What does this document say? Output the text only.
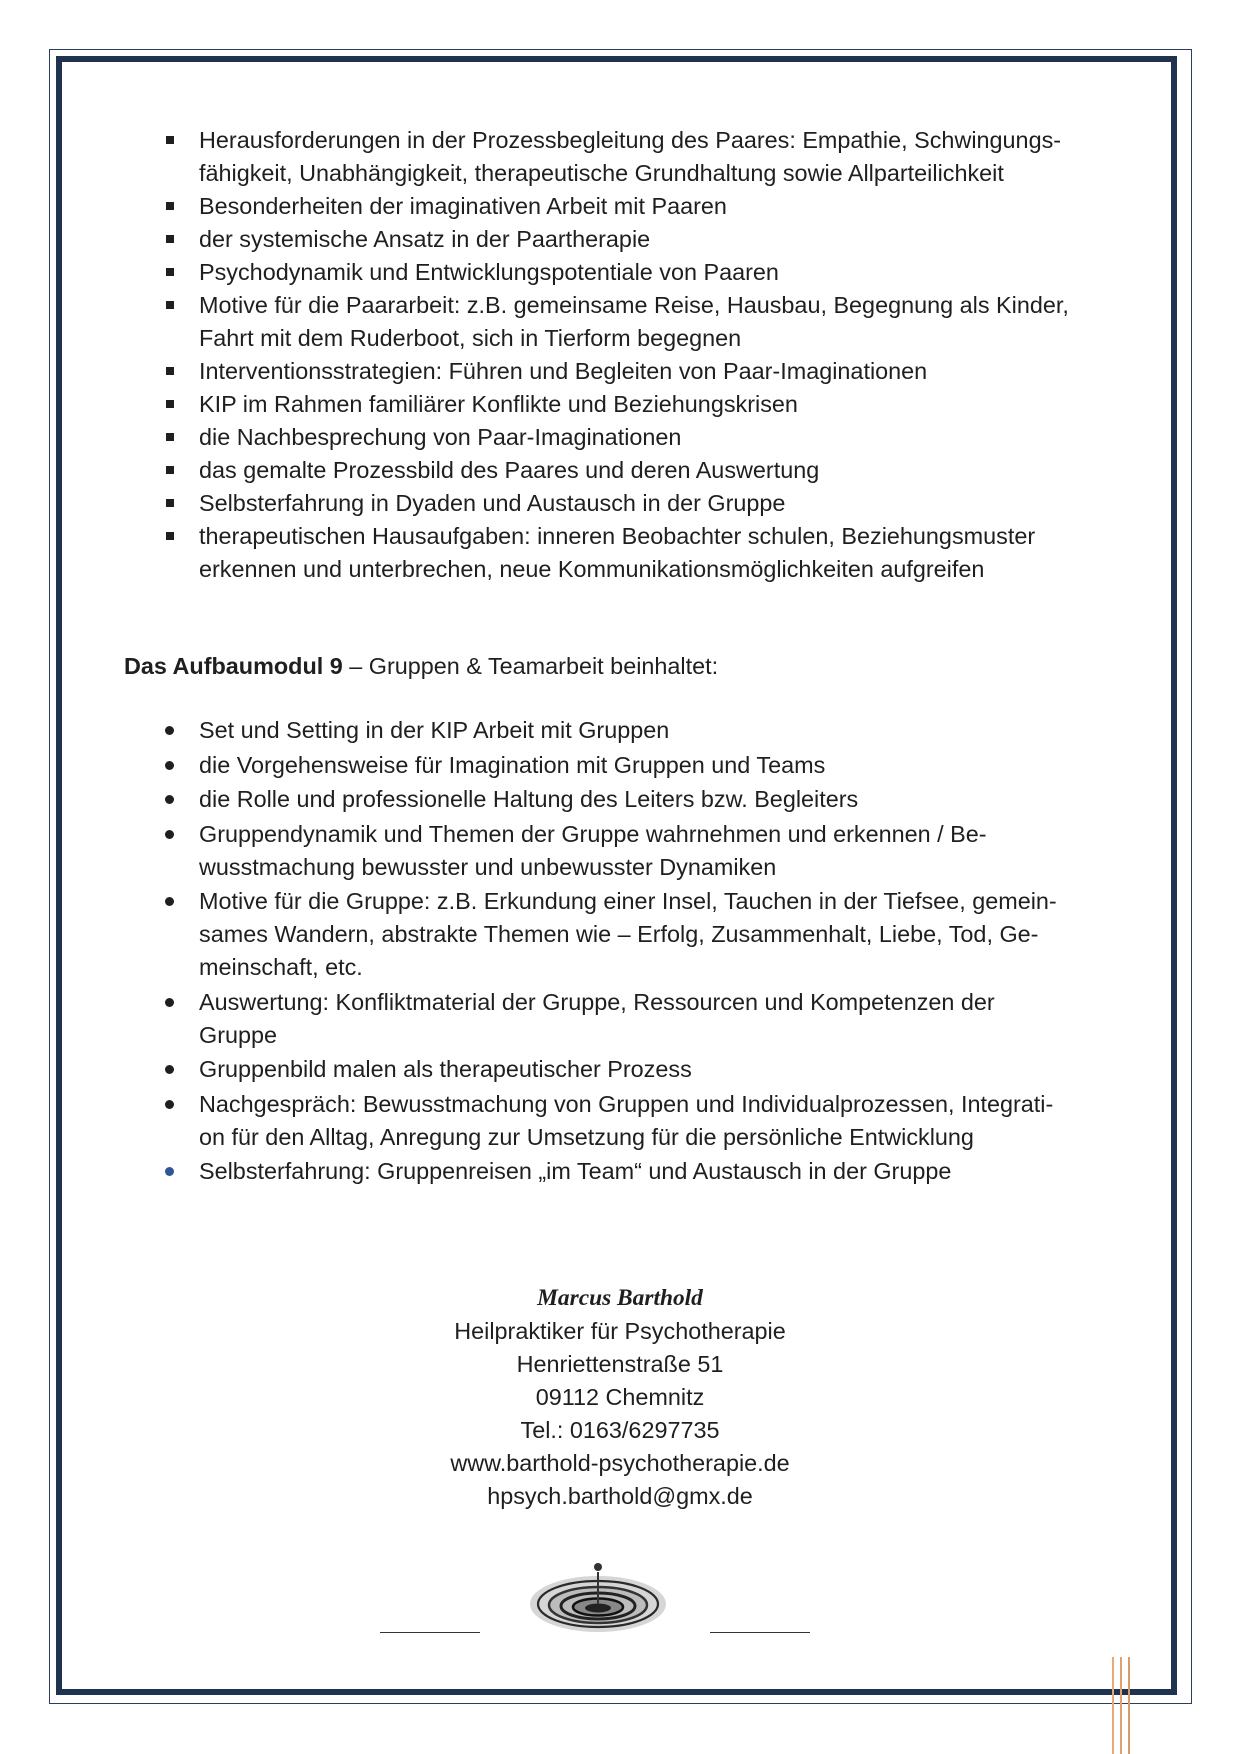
Herausforderungen in der Prozessbegleitung des Paares: Empathie, Schwingungs-
fähigkeit, Unabhängigkeit, therapeutische Grundhaltung sowie Allparteilichkeit
Besonderheiten der imaginativen Arbeit mit Paaren
der systemische Ansatz in der Paartherapie
Psychodynamik und Entwicklungspotentiale von Paaren
Motive für die Paararbeit: z.B. gemeinsame Reise, Hausbau, Begegnung als Kinder,
Fahrt mit dem Ruderboot, sich in Tierform begegnen
Interventionsstrategien: Führen und Begleiten von Paar-Imaginationen
KIP im Rahmen familiärer Konflikte und Beziehungskrisen
die Nachbesprechung von Paar-Imaginationen
das gemalte Prozessbild des Paares und deren Auswertung
Selbsterfahrung in Dyaden und Austausch in der Gruppe
therapeutischen Hausaufgaben: inneren Beobachter schulen, Beziehungsmuster
erkennen und unterbrechen, neue Kommunikationsmöglichkeiten aufgreifen
Das Aufbaumodul 9 – Gruppen & Teamarbeit beinhaltet:
Set und Setting in der KIP Arbeit mit Gruppen
die Vorgehensweise für Imagination mit Gruppen und Teams
die Rolle und professionelle Haltung des Leiters bzw. Begleiters
Gruppendynamik und Themen der Gruppe wahrnehmen und erkennen / Be-
wusstmachung bewusster und unbewusster Dynamiken
Motive für die Gruppe: z.B. Erkundung einer Insel, Tauchen in der Tiefsee, gemein-
sames Wandern, abstrakte Themen wie – Erfolg, Zusammenhalt, Liebe, Tod, Ge-
meinschaft, etc.
Auswertung: Konfliktmaterial der Gruppe, Ressourcen und Kompetenzen der
Gruppe
Gruppenbild malen als therapeutischer Prozess
Nachgespräch: Bewusstmachung von Gruppen und Individualprozessen, Integrati-
on für den Alltag, Anregung zur Umsetzung für die persönliche Entwicklung
Selbsterfahrung: Gruppenreisen „im Team“ und Austausch in der Gruppe
Marcus Barthold
Heilpraktiker für Psychotherapie
Henriettenstraße 51
09112 Chemnitz
Tel.: 0163/6297735
www.barthold-psychotherapie.de
hpsych.barthold@gmx.de
